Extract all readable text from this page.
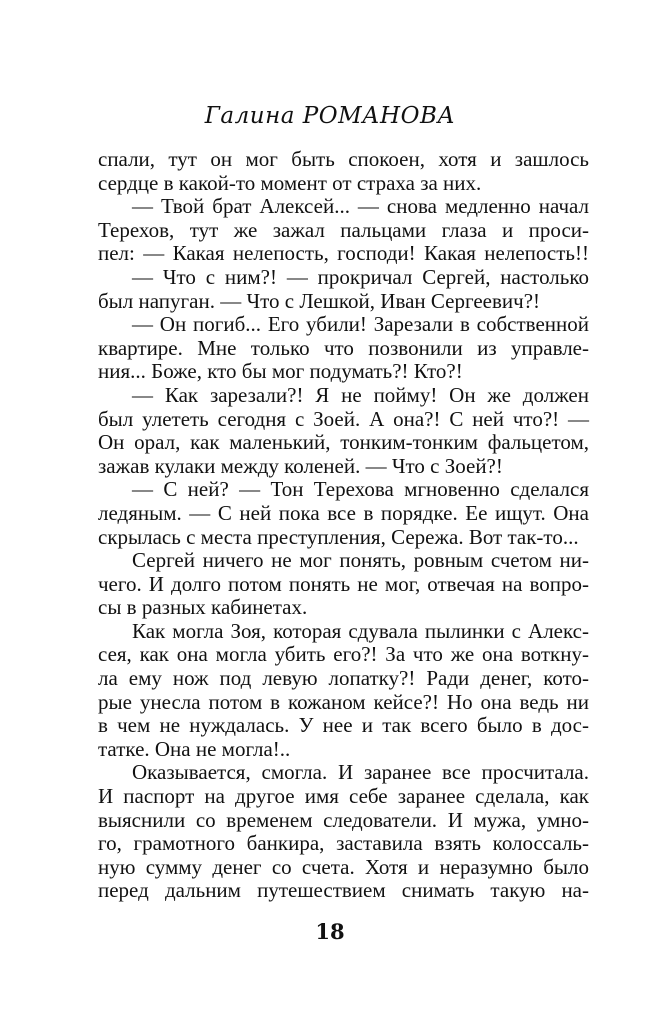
Галина РОМАНОВА
спали, тут он мог быть спокоен, хотя и зашлось
сердце в какой-то момент от страха за них.
— Твой брат Алексей... — снова медленно начал
Терехов, тут же зажал пальцами глаза и проси-
пел: — Какая нелепость, господи! Какая нелепость!!
— Что с ним?! — прокричал Сергей, настолько
был напуган. — Что с Лешкой, Иван Сергеевич?!
— Он погиб... Его убили! Зарезали в собственной
квартире. Мне только что позвонили из управле-
ния... Боже, кто бы мог подумать?! Кто?!
— Как зарезали?! Я не пойму! Он же должен
был улететь сегодня с Зоей. А она?! С ней что?! —
Он орал, как маленький, тонким-тонким фальцетом,
зажав кулаки между коленей. — Что с Зоей?!
— С ней? — Тон Терехова мгновенно сделался
ледяным. — С ней пока все в порядке. Ее ищут. Она
скрылась с места преступления, Сережа. Вот так-то...
Сергей ничего не мог понять, ровным счетом ни-
чего. И долго потом понять не мог, отвечая на вопро-
сы в разных кабинетах.
Как могла Зоя, которая сдувала пылинки с Алекс-
сея, как она могла убить его?! За что же она воткну-
ла ему нож под левую лопатку?! Ради денег, кото-
рые унесла потом в кожаном кейсе?! Но она ведь ни
в чем не нуждалась. У нее и так всего было в дос-
татке. Она не могла!..
Оказывается, смогла. И заранее все просчитала.
И паспорт на другое имя себе заранее сделала, как
выяснили со временем следователи. И мужа, умно-
го, грамотного банкира, заставила взять колоссаль-
ную сумму денег со счета. Хотя и неразумно было
перед дальним путешествием снимать такую на-
18
